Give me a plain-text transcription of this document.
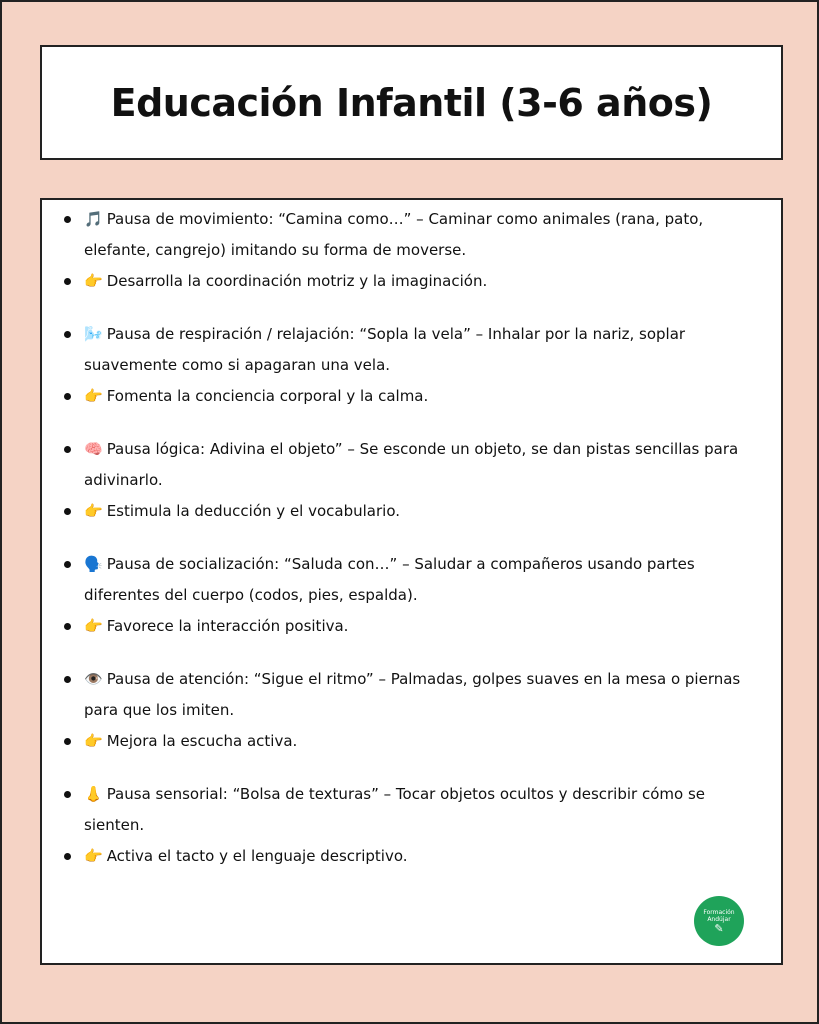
Educación Infantil (3-6 años)
🎵 Pausa de movimiento: “Camina como…” – Caminar como animales (rana, pato, elefante, cangrejo) imitando su forma de moverse.
👉 Desarrolla la coordinación motriz y la imaginación.
🌬️ Pausa de respiración / relajación: “Sopla la vela” – Inhalar por la nariz, soplar suavemente como si apagaran una vela.
👉 Fomenta la conciencia corporal y la calma.
🧠 Pausa lógica: Adivina el objeto” – Se esconde un objeto, se dan pistas sencillas para adivinarlo.
👉 Estimula la deducción y el vocabulario.
🗣️ Pausa de socialización: “Saluda con…” – Saludar a compañeros usando partes diferentes del cuerpo (codos, pies, espalda).
👉 Favorece la interacción positiva.
👁️ Pausa de atención: “Sigue el ritmo” – Palmadas, golpes suaves en la mesa o piernas para que los imiten.
👉 Mejora la escucha activa.
👃 Pausa sensorial: “Bolsa de texturas” – Tocar objetos ocultos y describir cómo se sienten.
👉 Activa el tacto y el lenguaje descriptivo.
Formación
Andújar
✎
